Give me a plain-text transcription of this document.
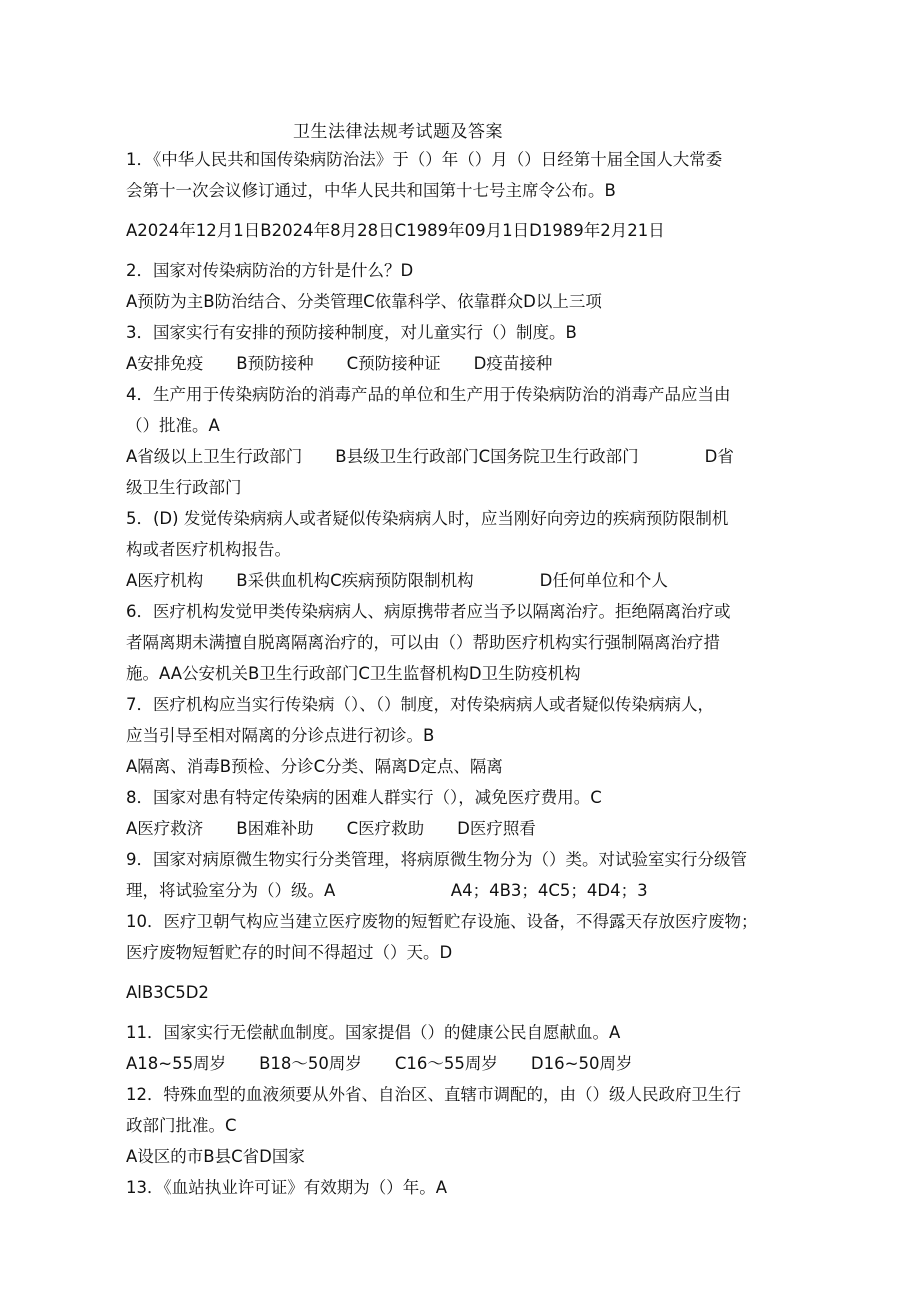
卫生法律法规考试题及答案
1．《中华人民共和国传染病防治法》于（）年（）月（）日经第十届全国人大常委
会第十一次会议修订通过，中华人民共和国第十七号主席令公布。B
A2024年12月1日B2024年8月28日C1989年09月1日D1989年2月21日
2．国家对传染病防治的方针是什么？D
A预防为主B防治结合、分类管理C依靠科学、依靠群众D以上三项
3．国家实行有安排的预防接种制度，对儿童实行（）制度。B
A安排免疫　　B预防接种　　C预防接种证　　D疫苗接种
4．生产用于传染病防治的消毒产品的单位和生产用于传染病防治的消毒产品应当由
（）批准。A
A省级以上卫生行政部门　　B县级卫生行政部门C国务院卫生行政部门　　　　D省
级卫生行政部门
5．(D) 发觉传染病病人或者疑似传染病病人时，应当刚好向旁边的疾病预防限制机
构或者医疗机构报告。
A医疗机构　　B采供血机构C疾病预防限制机构　　　　D任何单位和个人
6．医疗机构发觉甲类传染病病人、病原携带者应当予以隔离治疗。拒绝隔离治疗或
者隔离期未满擅自脱离隔离治疗的，可以由（）帮助医疗机构实行强制隔离治疗措
施。AA公安机关B卫生行政部门C卫生监督机构D卫生防疫机构
7．医疗机构应当实行传染病（）、（）制度，对传染病病人或者疑似传染病病人，
应当引导至相对隔离的分诊点进行初诊。B
A隔离、消毒B预检、分诊C分类、隔离D定点、隔离
8．国家对患有特定传染病的困难人群实行（），减免医疗费用。C
A医疗救济　　B困难补助　　C医疗救助　　D医疗照看
9．国家对病原微生物实行分类管理，将病原微生物分为（）类。对试验室实行分级管
理，将试验室分为（）级。A　　　　　　　A4；4B3；4C5；4D4；3
10．医疗卫朝气构应当建立医疗废物的短暂贮存设施、设备，不得露天存放医疗废物；
医疗废物短暂贮存的时间不得超过（）天。D
AlB3C5D2
11．国家实行无偿献血制度。国家提倡（）的健康公民自愿献血。A
A18~55周岁　　B18～50周岁　　C16～55周岁　　D16~50周岁
12．特殊血型的血液须要从外省、自治区、直辖市调配的，由（）级人民政府卫生行
政部门批准。C
A设区的市B县C省D国家
13．《血站执业许可证》有效期为（）年。A
